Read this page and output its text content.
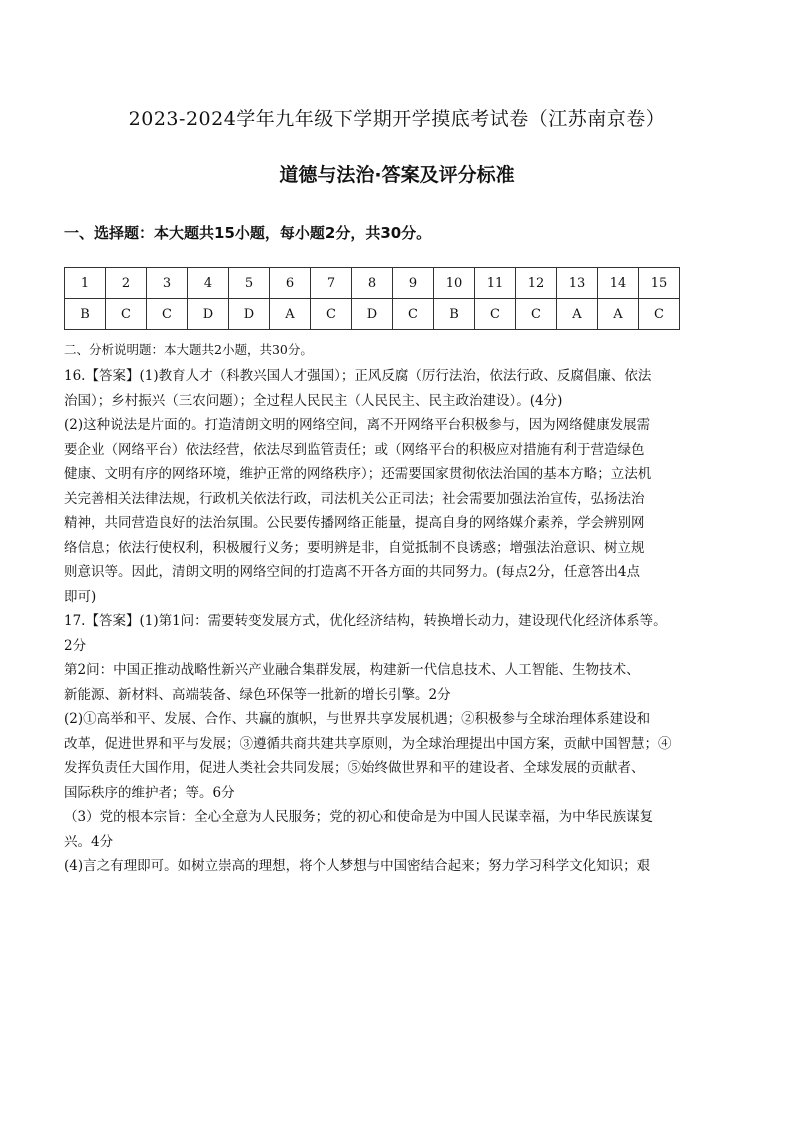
2023-2024学年九年级下学期开学摸底考试卷（江苏南京卷）
道德与法治·答案及评分标准
一、选择题：本大题共15小题，每小题2分，共30分。
1	2	3	4	5	6	7	8	9	10	11	12	13	14	15
B	C	C	D	D	A	C	D	C	B	C	C	A	A	C
二、分析说明题：本大题共2小题，共30分。

16.【答案】(1)教育人才（科教兴国人才强国）；正风反腐（厉行法治，依法行政、反腐倡廉、依法

治国）；乡村振兴（三农问题）；全过程人民民主（人民民主、民主政治建设）。(4分)

(2)这种说法是片面的。打造清朗文明的网络空间，离不开网络平台积极参与，因为网络健康发展需

要企业（网络平台）依法经营，依法尽到监管责任；或（网络平台的积极应对措施有利于营造绿色

健康、文明有序的网络环境，维护正常的网络秩序）；还需要国家贯彻依法治国的基本方略；立法机

关完善相关法律法规，行政机关依法行政，司法机关公正司法；社会需要加强法治宣传，弘扬法治

精神，共同营造良好的法治氛围。公民要传播网络正能量，提高自身的网络媒介素养，学会辨别网

络信息；依法行使权利，积极履行义务；要明辨是非，自觉抵制不良诱惑；增强法治意识、树立规

则意识等。因此，清朗文明的网络空间的打造离不开各方面的共同努力。(每点2分，任意答出4点

即可)

17.【答案】(1)第1问：需要转变发展方式，优化经济结构，转换增长动力，建设现代化经济体系等。

2分

第2问：中国正推动战略性新兴产业融合集群发展，构建新一代信息技术、人工智能、生物技术、

新能源、新材料、高端装备、绿色环保等一批新的增长引擎。2分

(2)①高举和平、发展、合作、共赢的旗帜，与世界共享发展机遇；②积极参与全球治理体系建设和

改革，促进世界和平与发展；③遵循共商共建共享原则，为全球治理提出中国方案，贡献中国智慧；④

发挥负责任大国作用，促进人类社会共同发展；⑤始终做世界和平的建设者、全球发展的贡献者、

国际秩序的维护者；等。6分

（3）党的根本宗旨：全心全意为人民服务；党的初心和使命是为中国人民谋幸福，为中华民族谋复

兴。4分

(4)言之有理即可。如树立崇高的理想，将个人梦想与中国密结合起来；努力学习科学文化知识；艰
